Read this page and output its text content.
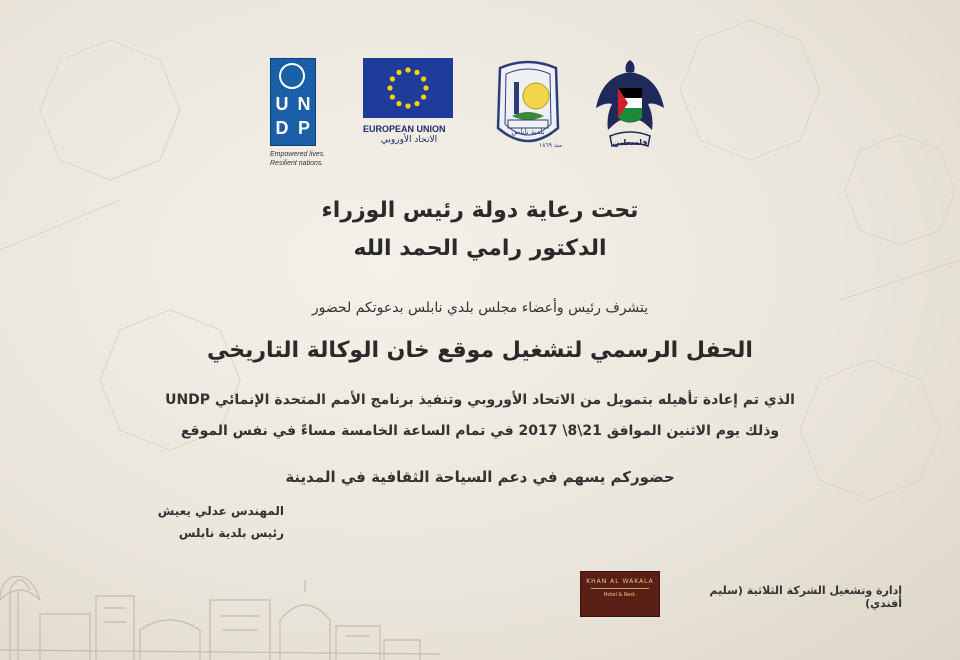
U N
D P
Empowered lives.
Resilient nations.
EUROPEAN UNION
الاتحاد الأوروبي
بلدية نابلس
منذ ١٨٦٩	فلسطين
تحت رعاية دولة رئيس الوزراء
الدكتور رامي الحمد الله
يتشرف رئيس وأعضاء مجلس بلدي نابلس بدعوتكم لحضور
الحفل الرسمي لتشغيل موقع خان الوكالة التاريخي
الذي تم إعادة تأهيله بتمويل من الاتحاد الأوروبي وتنفيذ برنامج الأمم المتحدة الإنمائي UNDP
وذلك يوم الاثنين الموافق 21\8\ 2017 في تمام الساعة الخامسة مساءً في نفس الموقع
حضوركم يسهم في دعم السياحة الثقافية في المدينة
المهندس عدلي يعيش
رئيس بلدية نابلس
KHAN AL WAKALA
Hotel & Rest.	إدارة وتشغيل الشركة الثلاثية (سليم أفندي)
